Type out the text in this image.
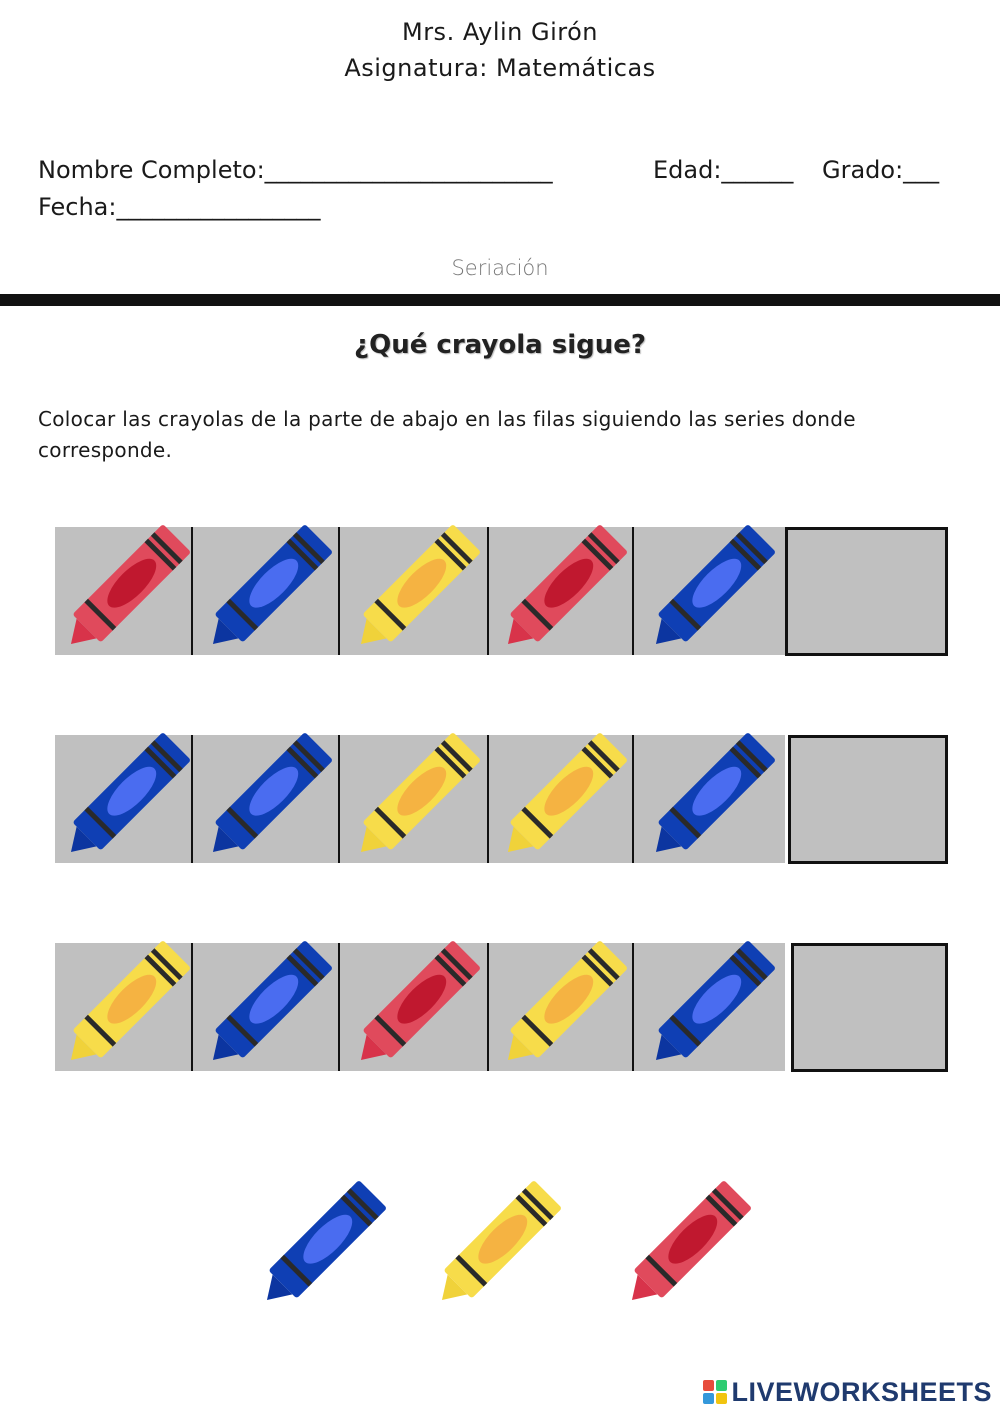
Mrs. Aylin Girón
Asignatura: Matemáticas
Nombre Completo:________________________	Edad:______ Grado:___
Fecha:_________________
Seriación
¿Qué crayola sigue?
Colocar las crayolas de la parte de abajo en las filas siguiendo las series donde corresponde.
LIVEWORKSHEETS
